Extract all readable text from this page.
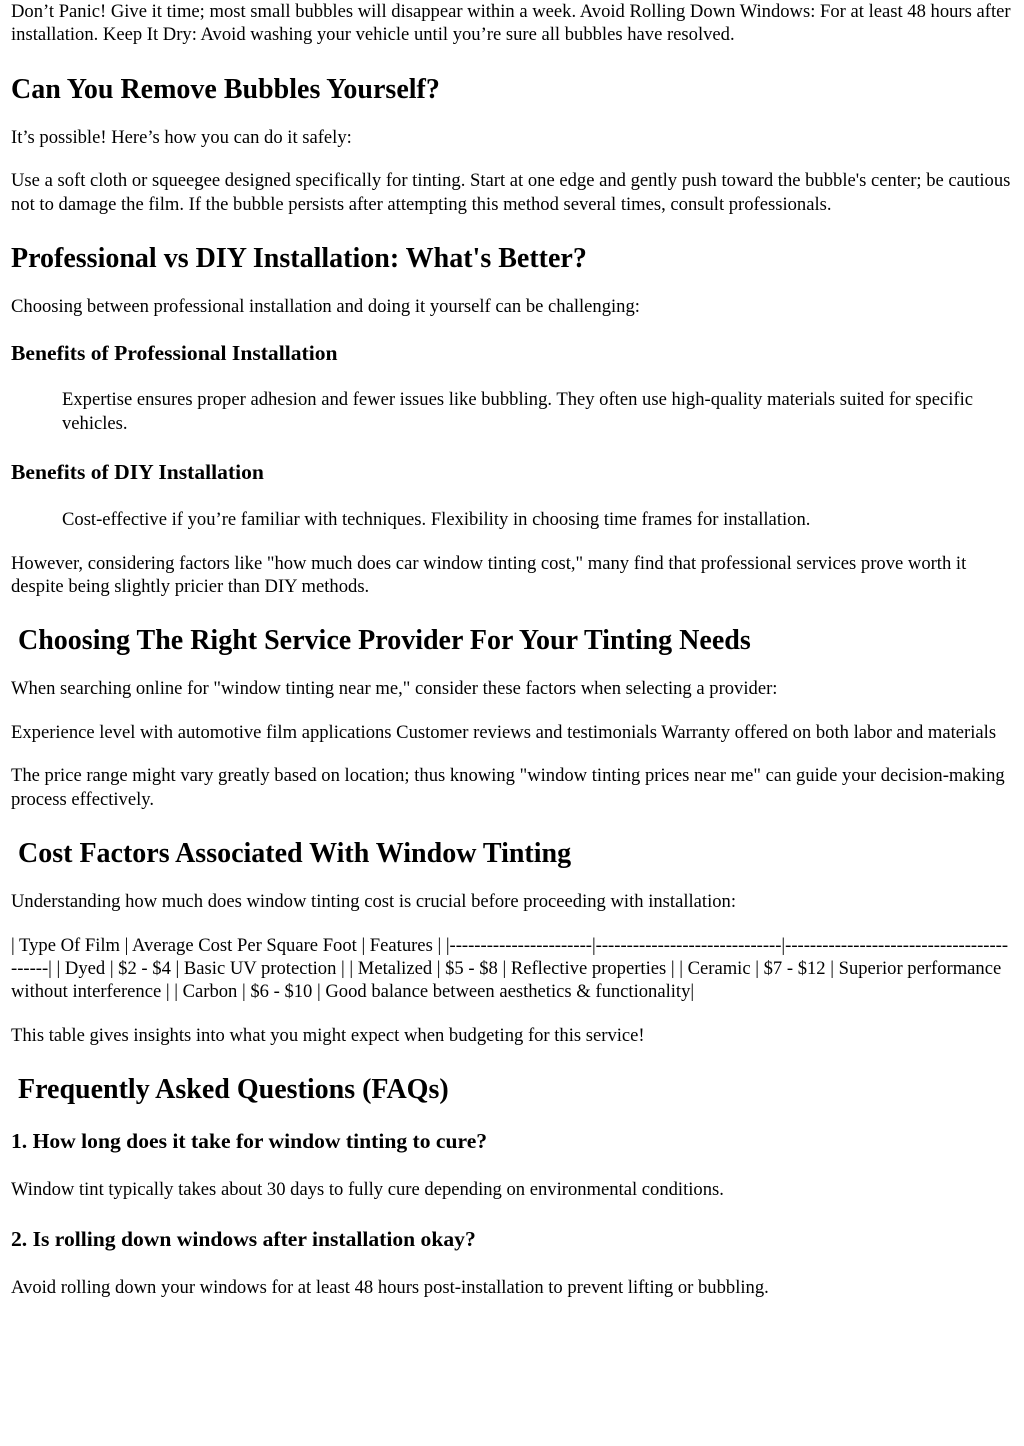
Don’t Panic! Give it time; most small bubbles will disappear within a week. Avoid Rolling Down Windows: For at least 48 hours after installation. Keep It Dry: Avoid washing your vehicle until you’re sure all bubbles have resolved.

Can You Remove Bubbles Yourself?

It’s possible! Here’s how you can do it safely:

Use a soft cloth or squeegee designed specifically for tinting. Start at one edge and gently push toward the bubble's center; be cautious not to damage the film. If the bubble persists after attempting this method several times, consult professionals.

Professional vs DIY Installation: What's Better?

Choosing between professional installation and doing it yourself can be challenging:

Benefits of Professional Installation

Expertise ensures proper adhesion and fewer issues like bubbling. They often use high-quality materials suited for specific vehicles.

Benefits of DIY Installation

Cost-effective if you’re familiar with techniques. Flexibility in choosing time frames for installation.

However, considering factors like "how much does car window tinting cost," many find that professional services prove worth it despite being slightly pricier than DIY methods.

Choosing The Right Service Provider For Your Tinting Needs

When searching online for "window tinting near me," consider these factors when selecting a provider:

Experience level with automotive film applications Customer reviews and testimonials Warranty offered on both labor and materials

The price range might vary greatly based on location; thus knowing "window tinting prices near me" can guide your decision-making process effectively.

Cost Factors Associated With Window Tinting

Understanding how much does window tinting cost is crucial before proceeding with installation:

| Type Of Film | Average Cost Per Square Foot | Features | |-----------------------|------------------------------|------------------------------------------| | Dyed | $2 - $4 | Basic UV protection | | Metalized | $5 - $8 | Reflective properties | | Ceramic | $7 - $12 | Superior performance without interference | | Carbon | $6 - $10 | Good balance between aesthetics & functionality|

This table gives insights into what you might expect when budgeting for this service!

Frequently Asked Questions (FAQs)
1. How long does it take for window tinting to cure?

Window tint typically takes about 30 days to fully cure depending on environmental conditions.

2. Is rolling down windows after installation okay?

Avoid rolling down your windows for at least 48 hours post-installation to prevent lifting or bubbling.
